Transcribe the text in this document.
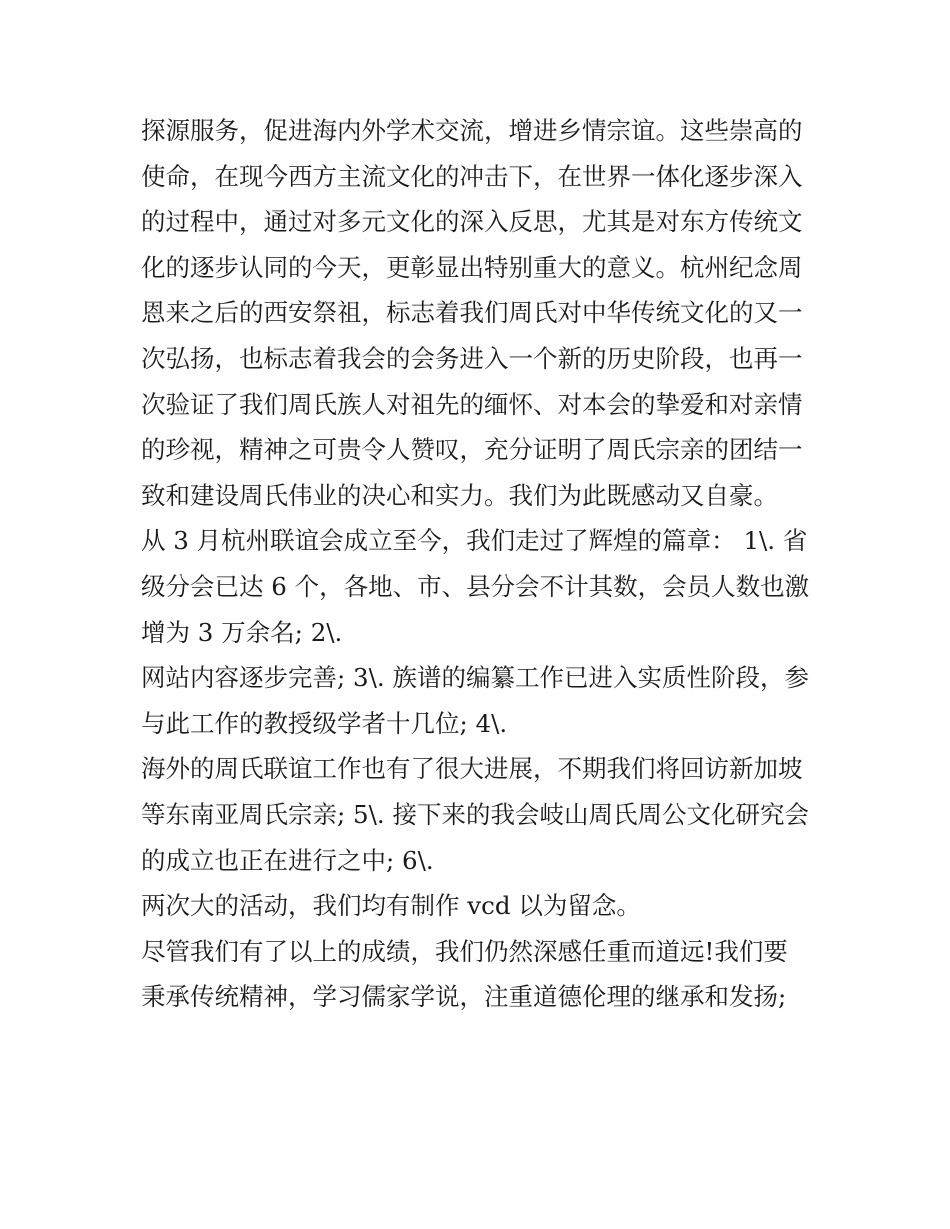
探源服务，促进海内外学术交流，增进乡情宗谊。这些崇高的
使命，在现今西方主流文化的冲击下，在世界一体化逐步深入
的过程中，通过对多元文化的深入反思，尤其是对东方传统文
化的逐步认同的今天，更彰显出特别重大的意义。杭州纪念周
恩来之后的西安祭祖，标志着我们周氏对中华传统文化的又一
次弘扬，也标志着我会的会务进入一个新的历史阶段，也再一
次验证了我们周氏族人对祖先的缅怀、对本会的挚爱和对亲情
的珍视，精神之可贵令人赞叹，充分证明了周氏宗亲的团结一
致和建设周氏伟业的决心和实力。我们为此既感动又自豪。
从 3 月杭州联谊会成立至今，我们走过了辉煌的篇章： 1\. 省
级分会已达 6 个，各地、市、县分会不计其数，会员人数也激
增为 3 万余名; 2\.
网站内容逐步完善; 3\. 族谱的编纂工作已进入实质性阶段，参
与此工作的教授级学者十几位; 4\.
海外的周氏联谊工作也有了很大进展，不期我们将回访新加坡
等东南亚周氏宗亲; 5\. 接下来的我会岐山周氏周公文化研究会
的成立也正在进行之中; 6\.
两次大的活动，我们均有制作 vcd 以为留念。
尽管我们有了以上的成绩，我们仍然深感任重而道远!我们要
秉承传统精神，学习儒家学说，注重道德伦理的继承和发扬;
